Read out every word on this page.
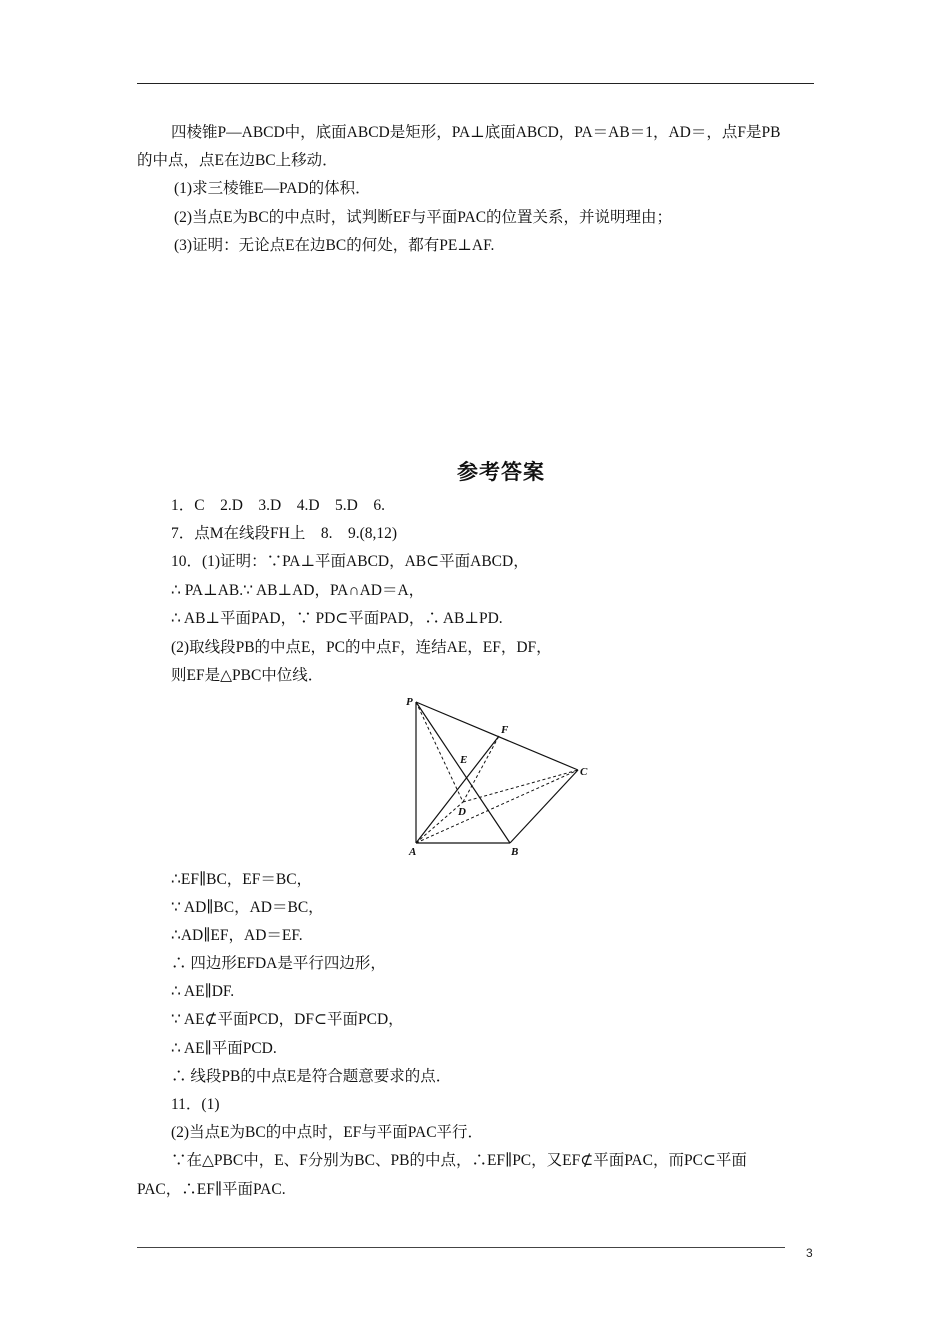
四棱锥P—ABCD中，底面ABCD是矩形，PA⊥底面ABCD，PA＝AB＝1，AD＝，点F是PB
的中点，点E在边BC上移动．
(1)求三棱锥E—PAD的体积．
(2)当点E为BC的中点时，试判断EF与平面PAC的位置关系，并说明理由；
(3)证明：无论点E在边BC的何处，都有PE⊥AF.
参考答案
1．C　2.D　3.D　4.D　5.D　6.
7．点M在线段FH上　8.　9.(8,12)
10．(1)证明：∵PA⊥平面ABCD，AB⊂平面ABCD，
∴ PA⊥AB.∵ AB⊥AD，PA∩AD＝A，
∴ AB⊥平面PAD，∵ PD⊂平面PAD，∴ AB⊥PD.
(2)取线段PB的中点E，PC的中点F，连结AE，EF，DF，
则EF是△PBC中位线．
P
F
E
C
D
A	B
∴EF∥BC，EF＝BC，
∵ AD∥BC，AD＝BC，
∴AD∥EF，AD＝EF.
∴ 四边形EFDA是平行四边形，
∴ AE∥DF.
∵ AE⊄平面PCD，DF⊂平面PCD，
∴ AE∥平面PCD.
∴ 线段PB的中点E是符合题意要求的点．
11．(1)
(2)当点E为BC的中点时，EF与平面PAC平行．
∵在△PBC中，E、F分别为BC、PB的中点，∴EF∥PC，又EF⊄平面PAC，而PC⊂平面
PAC，∴EF∥平面PAC.
3
